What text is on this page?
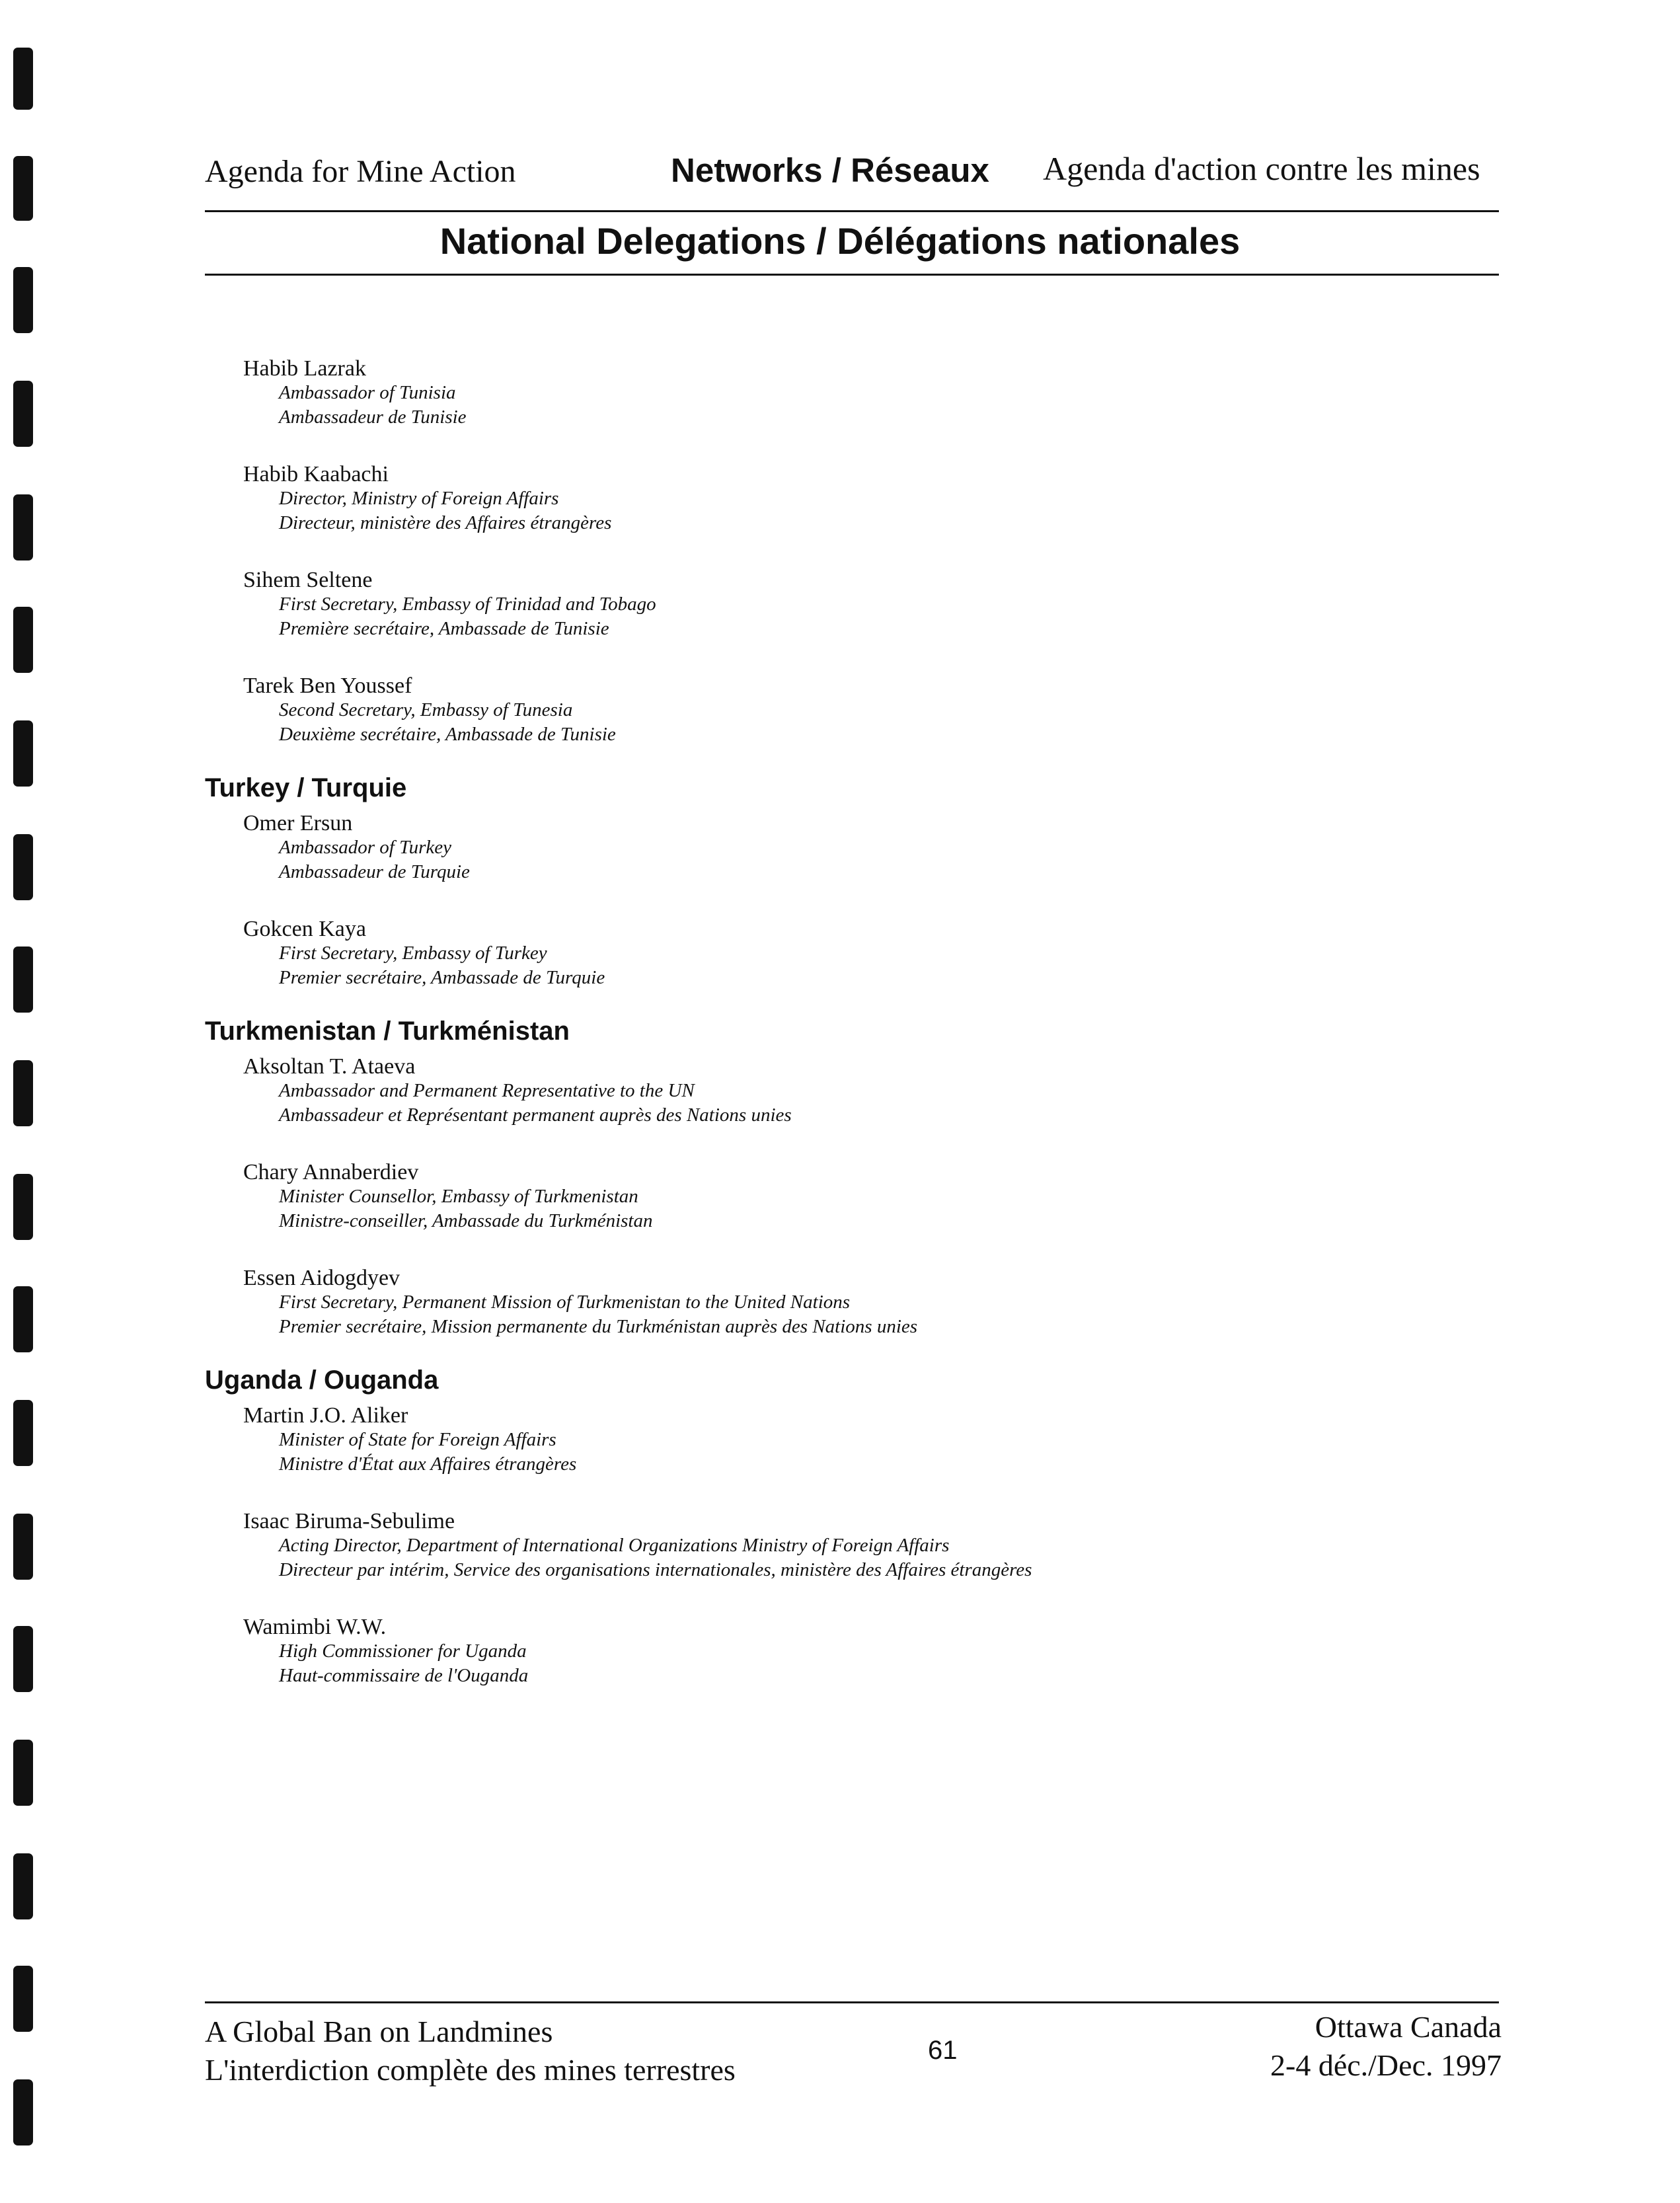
Agenda for Mine Action	Networks / Réseaux Agenda d'action contre les mines
National Delegations / Délégations nationales
Habib Lazrak
Ambassador of Tunisia
Ambassadeur de Tunisie
Habib Kaabachi
Director, Ministry of Foreign Affairs
Directeur, ministère des Affaires étrangères
Sihem Seltene
First Secretary, Embassy of Trinidad and Tobago
Première secrétaire, Ambassade de Tunisie
Tarek Ben Youssef
Second Secretary, Embassy of Tunesia
Deuxième secrétaire, Ambassade de Tunisie
Turkey / Turquie
Omer Ersun
Ambassador of Turkey
Ambassadeur de Turquie
Gokcen Kaya
First Secretary, Embassy of Turkey
Premier secrétaire, Ambassade de Turquie
Turkmenistan / Turkménistan
Aksoltan T. Ataeva
Ambassador and Permanent Representative to the UN
Ambassadeur et Représentant permanent auprès des Nations unies
Chary Annaberdiev
Minister Counsellor, Embassy of Turkmenistan
Ministre-conseiller, Ambassade du Turkménistan
Essen Aidogdyev
First Secretary, Permanent Mission of Turkmenistan to the United Nations
Premier secrétaire, Mission permanente du Turkménistan auprès des Nations unies
Uganda / Ouganda
Martin J.O. Aliker
Minister of State for Foreign Affairs
Ministre d'État aux Affaires étrangères
Isaac Biruma-Sebulime
Acting Director, Department of International Organizations Ministry of Foreign Affairs
Directeur par intérim, Service des organisations internationales, ministère des Affaires étrangères
Wamimbi W.W.
High Commissioner for Uganda
Haut-commissaire de l'Ouganda
A Global Ban on Landmines
L'interdiction complète des mines terrestres
61
Ottawa Canada
2-4 déc./Dec. 1997
